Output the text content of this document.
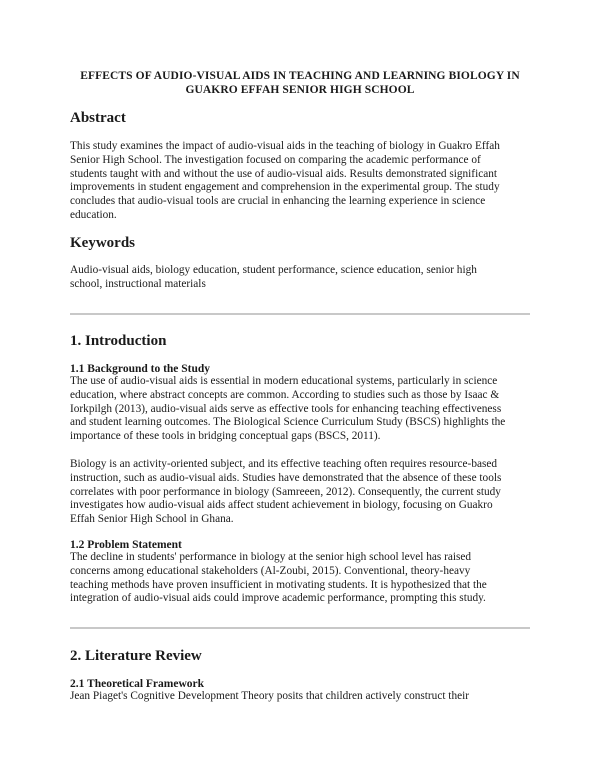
EFFECTS OF AUDIO-VISUAL AIDS IN TEACHING AND LEARNING BIOLOGY IN
GUAKRO EFFAH SENIOR HIGH SCHOOL
Abstract
This study examines the impact of audio-visual aids in the teaching of biology in Guakro Effah
Senior High School. The investigation focused on comparing the academic performance of
students taught with and without the use of audio-visual aids. Results demonstrated significant
improvements in student engagement and comprehension in the experimental group. The study
concludes that audio-visual tools are crucial in enhancing the learning experience in science
education.
Keywords
Audio-visual aids, biology education, student performance, science education, senior high
school, instructional materials
1. Introduction
1.1 Background to the Study
The use of audio-visual aids is essential in modern educational systems, particularly in science
education, where abstract concepts are common. According to studies such as those by Isaac &
Iorkpilgh (2013), audio-visual aids serve as effective tools for enhancing teaching effectiveness
and student learning outcomes. The Biological Science Curriculum Study (BSCS) highlights the
importance of these tools in bridging conceptual gaps (BSCS, 2011).
Biology is an activity-oriented subject, and its effective teaching often requires resource-based
instruction, such as audio-visual aids. Studies have demonstrated that the absence of these tools
correlates with poor performance in biology (Samreeen, 2012). Consequently, the current study
investigates how audio-visual aids affect student achievement in biology, focusing on Guakro
Effah Senior High School in Ghana.
1.2 Problem Statement
The decline in students' performance in biology at the senior high school level has raised
concerns among educational stakeholders (Al-Zoubi, 2015). Conventional, theory-heavy
teaching methods have proven insufficient in motivating students. It is hypothesized that the
integration of audio-visual aids could improve academic performance, prompting this study.
2. Literature Review
2.1 Theoretical Framework
Jean Piaget's Cognitive Development Theory posits that children actively construct their
